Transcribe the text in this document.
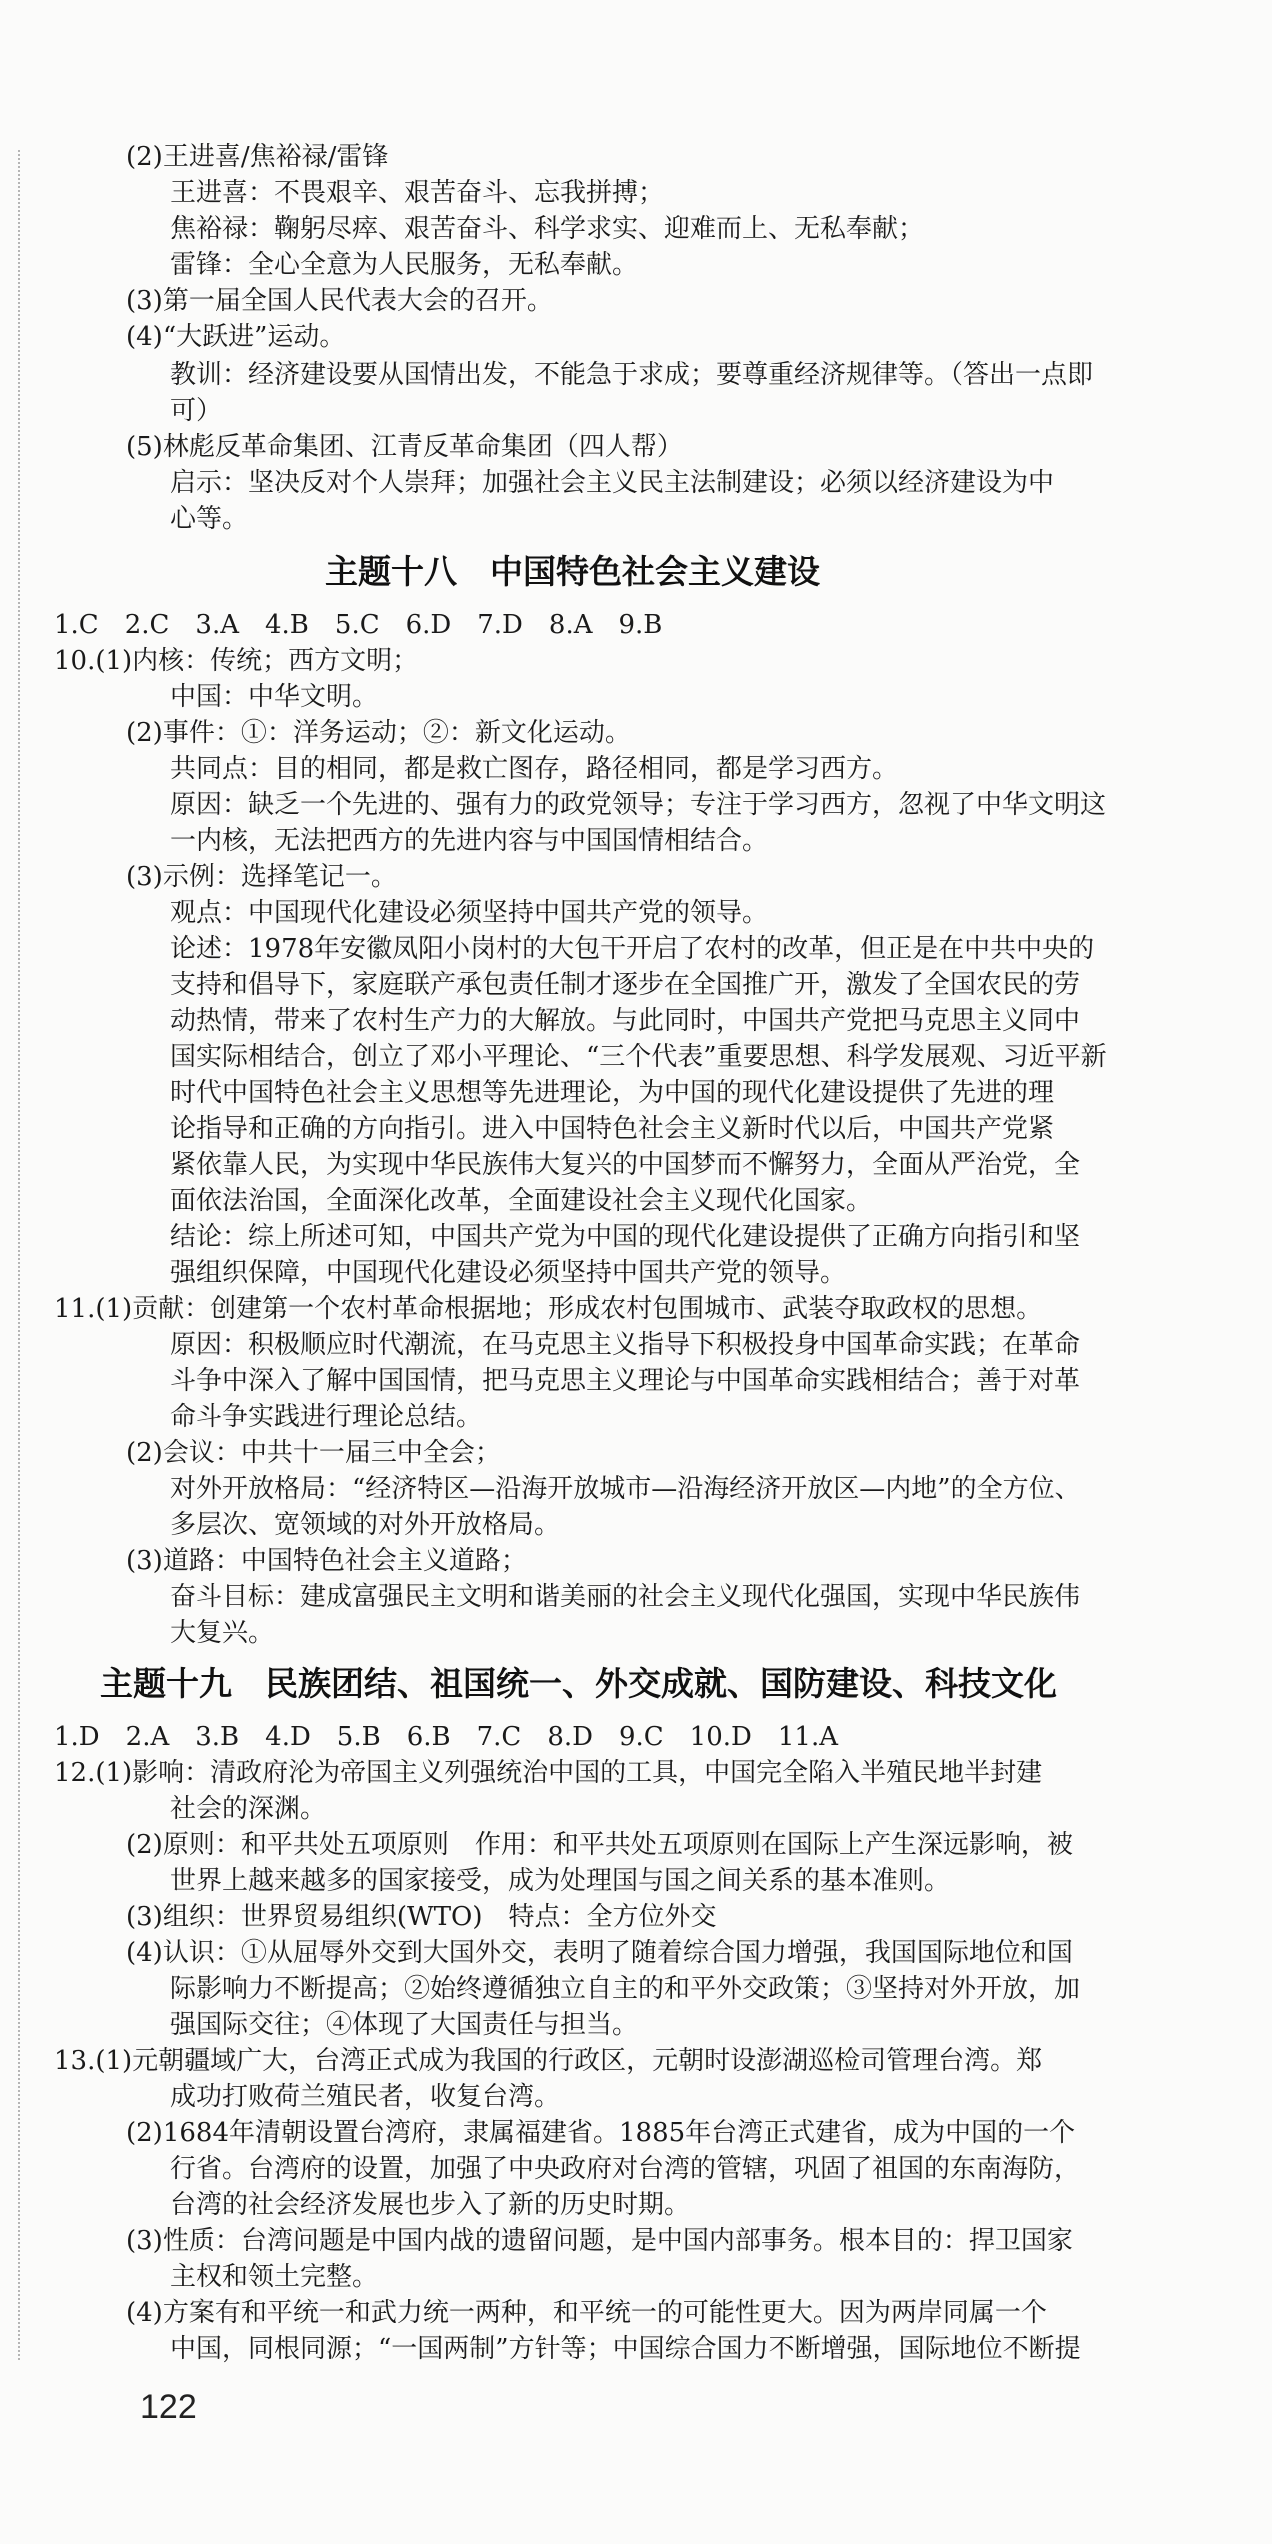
(2)王进喜/焦裕禄/雷锋
王进喜：不畏艰辛、艰苦奋斗、忘我拼搏；
焦裕禄：鞠躬尽瘁、艰苦奋斗、科学求实、迎难而上、无私奉献；
雷锋：全心全意为人民服务，无私奉献。
(3)第一届全国人民代表大会的召开。
(4)“大跃进”运动。
教训：经济建设要从国情出发，不能急于求成；要尊重经济规律等。（答出一点即
可）
(5)林彪反革命集团、江青反革命集团（四人帮）
启示：坚决反对个人崇拜；加强社会主义民主法制建设；必须以经济建设为中
心等。
主题十八　中国特色社会主义建设
1.C　2.C　3.A　4.B　5.C　6.D　7.D　8.A　9.B
10.(1)内核：传统；西方文明；
中国：中华文明。
(2)事件：①：洋务运动；②：新文化运动。
共同点：目的相同，都是救亡图存，路径相同，都是学习西方。
原因：缺乏一个先进的、强有力的政党领导；专注于学习西方，忽视了中华文明这
一内核，无法把西方的先进内容与中国国情相结合。
(3)示例：选择笔记一。
观点：中国现代化建设必须坚持中国共产党的领导。
论述：1978年安徽凤阳小岗村的大包干开启了农村的改革，但正是在中共中央的
支持和倡导下，家庭联产承包责任制才逐步在全国推广开，激发了全国农民的劳
动热情，带来了农村生产力的大解放。与此同时，中国共产党把马克思主义同中
国实际相结合，创立了邓小平理论、“三个代表”重要思想、科学发展观、习近平新
时代中国特色社会主义思想等先进理论，为中国的现代化建设提供了先进的理
论指导和正确的方向指引。进入中国特色社会主义新时代以后，中国共产党紧
紧依靠人民，为实现中华民族伟大复兴的中国梦而不懈努力，全面从严治党，全
面依法治国，全面深化改革，全面建设社会主义现代化国家。
结论：综上所述可知，中国共产党为中国的现代化建设提供了正确方向指引和坚
强组织保障，中国现代化建设必须坚持中国共产党的领导。
11.(1)贡献：创建第一个农村革命根据地；形成农村包围城市、武装夺取政权的思想。
原因：积极顺应时代潮流，在马克思主义指导下积极投身中国革命实践；在革命
斗争中深入了解中国国情，把马克思主义理论与中国革命实践相结合；善于对革
命斗争实践进行理论总结。
(2)会议：中共十一届三中全会；
对外开放格局：“经济特区—沿海开放城市—沿海经济开放区—内地”的全方位、
多层次、宽领域的对外开放格局。
(3)道路：中国特色社会主义道路；
奋斗目标：建成富强民主文明和谐美丽的社会主义现代化强国，实现中华民族伟
大复兴。
主题十九　民族团结、祖国统一、外交成就、国防建设、科技文化
1.D　2.A　3.B　4.D　5.B　6.B　7.C　8.D　9.C　10.D　11.A
12.(1)影响：清政府沦为帝国主义列强统治中国的工具，中国完全陷入半殖民地半封建
社会的深渊。
(2)原则：和平共处五项原则　作用：和平共处五项原则在国际上产生深远影响，被
世界上越来越多的国家接受，成为处理国与国之间关系的基本准则。
(3)组织：世界贸易组织(WTO)　特点：全方位外交
(4)认识：①从屈辱外交到大国外交，表明了随着综合国力增强，我国国际地位和国
际影响力不断提高；②始终遵循独立自主的和平外交政策；③坚持对外开放，加
强国际交往；④体现了大国责任与担当。
13.(1)元朝疆域广大，台湾正式成为我国的行政区，元朝时设澎湖巡检司管理台湾。郑
成功打败荷兰殖民者，收复台湾。
(2)1684年清朝设置台湾府，隶属福建省。1885年台湾正式建省，成为中国的一个
行省。台湾府的设置，加强了中央政府对台湾的管辖，巩固了祖国的东南海防，
台湾的社会经济发展也步入了新的历史时期。
(3)性质：台湾问题是中国内战的遗留问题，是中国内部事务。根本目的：捍卫国家
主权和领土完整。
(4)方案有和平统一和武力统一两种，和平统一的可能性更大。因为两岸同属一个
中国，同根同源；“一国两制”方针等；中国综合国力不断增强，国际地位不断提
122
